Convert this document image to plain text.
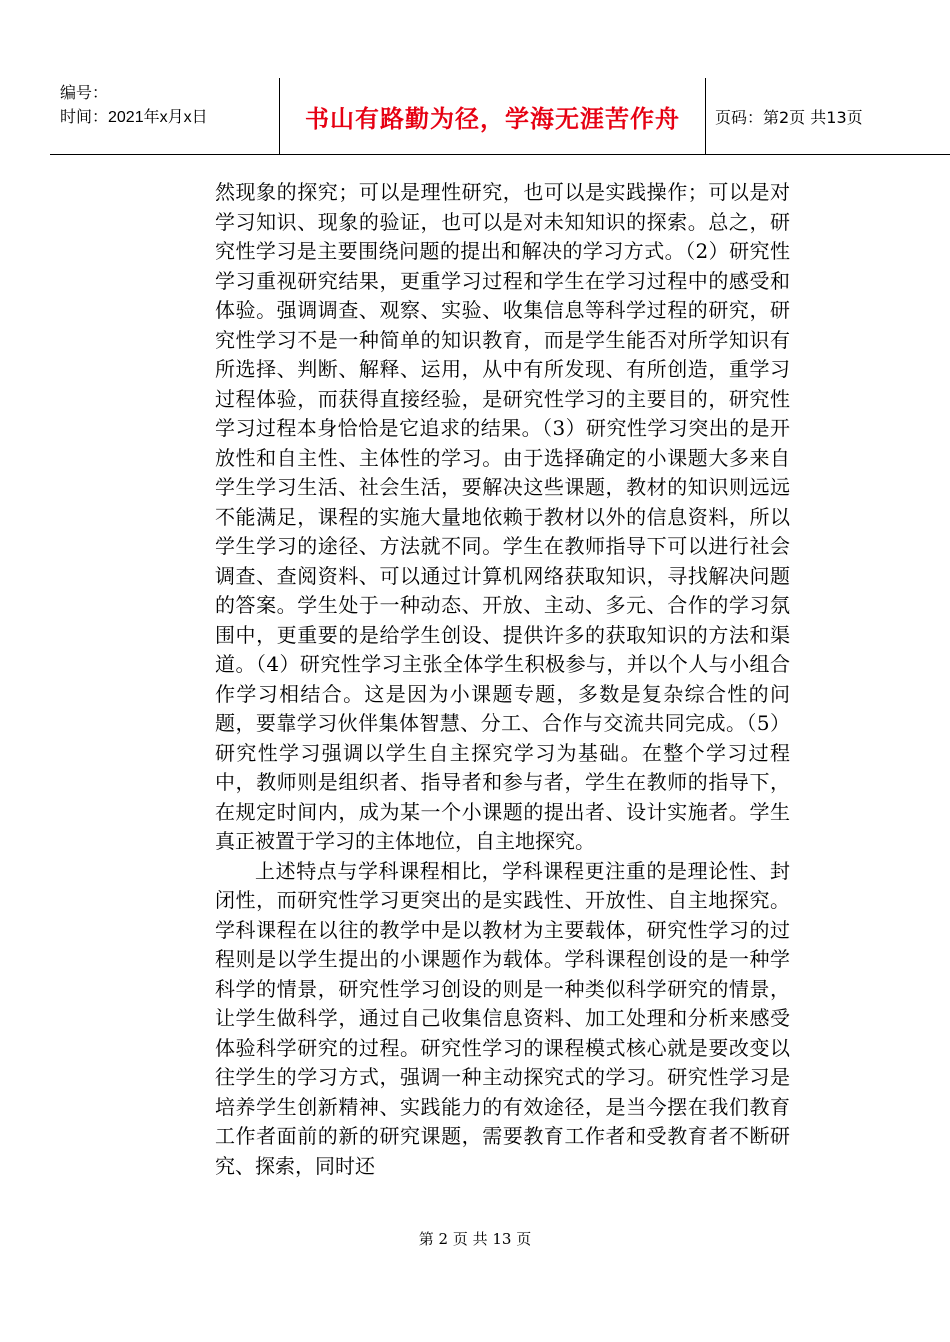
编号：
时间：2021年x月x日	书山有路勤为径，学海无涯苦作舟	页码：第2页 共13页

然现象的探究；可以是理性研究，也可以是实践操作；可以是对学习知识、现象的验证，也可以是对未知知识的探索。总之，研究性学习是主要围绕问题的提出和解决的学习方式。（2）研究性学习重视研究结果，更重学习过程和学生在学习过程中的感受和体验。强调调查、观察、实验、收集信息等科学过程的研究，研究性学习不是一种简单的知识教育，而是学生能否对所学知识有所选择、判断、解释、运用，从中有所发现、有所创造，重学习过程体验，而获得直接经验，是研究性学习的主要目的，研究性学习过程本身恰恰是它追求的结果。（3）研究性学习突出的是开放性和自主性、主体性的学习。由于选择确定的小课题大多来自学生学习生活、社会生活，要解决这些课题，教材的知识则远远不能满足，课程的实施大量地依赖于教材以外的信息资料，所以学生学习的途径、方法就不同。学生在教师指导下可以进行社会调查、查阅资料、可以通过计算机网络获取知识，寻找解决问题的答案。学生处于一种动态、开放、主动、多元、合作的学习氛围中，更重要的是给学生创设、提供许多的获取知识的方法和渠道。（4）研究性学习主张全体学生积极参与，并以个人与小组合作学习相结合。这是因为小课题专题，多数是复杂综合性的问题，要靠学习伙伴集体智慧、分工、合作与交流共同完成。（5）研究性学习强调以学生自主探究学习为基础。在整个学习过程中，教师则是组织者、指导者和参与者，学生在教师的指导下，在规定时间内，成为某一个小课题的提出者、设计实施者。学生真正被置于学习的主体地位，自主地探究。

上述特点与学科课程相比，学科课程更注重的是理论性、封闭性，而研究性学习更突出的是实践性、开放性、自主地探究。学科课程在以往的教学中是以教材为主要载体，研究性学习的过程则是以学生提出的小课题作为载体。学科课程创设的是一种学科学的情景，研究性学习创设的则是一种类似科学研究的情景，让学生做科学，通过自己收集信息资料、加工处理和分析来感受体验科学研究的过程。研究性学习的课程模式核心就是要改变以往学生的学习方式，强调一种主动探究式的学习。研究性学习是培养学生创新精神、实践能力的有效途径，是当今摆在我们教育工作者面前的新的研究课题，需要教育工作者和受教育者不断研究、探索，同时还

第 2 页 共 13 页
